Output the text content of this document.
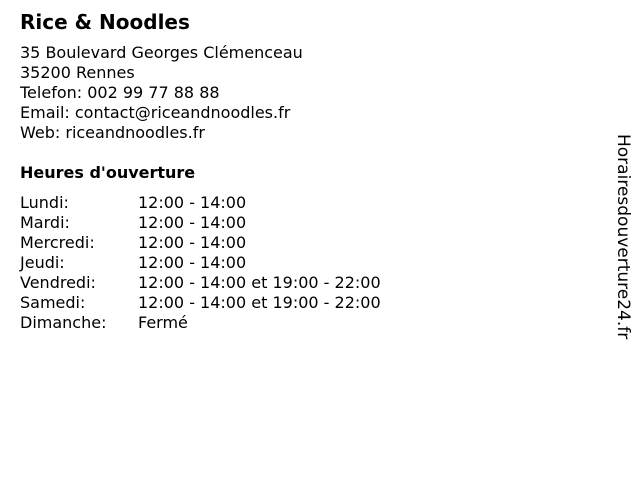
Rice & Noodles
35 Boulevard Georges Clémenceau
35200 Rennes
Telefon: 002 99 77 88 88
Email: contact@riceandnoodles.fr
Web: riceandnoodles.fr
Heures d'ouverture
Lundi:	12:00 - 14:00
Mardi:	12:00 - 14:00
Mercredi:	12:00 - 14:00
Jeudi:	12:00 - 14:00
Vendredi:	12:00 - 14:00 et 19:00 - 22:00
Samedi:	12:00 - 14:00 et 19:00 - 22:00
Dimanche:	Fermé	Horairesdouverture24.fr
